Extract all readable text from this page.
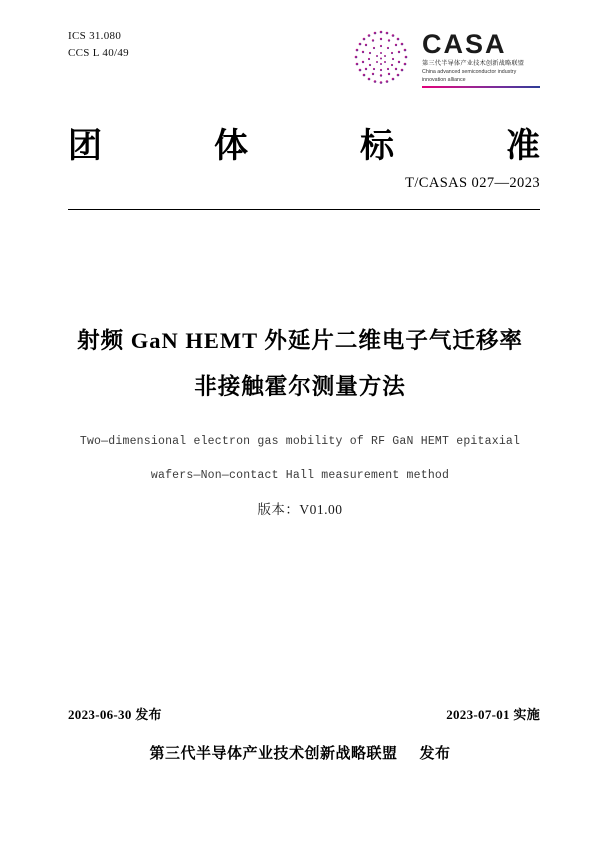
ICS 31.080
CCS L 40/49	CASA
第三代半导体产业技术创新战略联盟
China advanced semiconductor industry
innovation alliance
团	体	标	准
T/CASAS 027—2023
射频 GaN HEMT 外延片二维电子气迁移率
非接触霍尔测量方法
Two—dimensional electron gas mobility of RF GaN HEMT epitaxial
wafers—Non—contact Hall measurement method
版本：V01.00
2023-06-30 发布	2023-07-01 实施
第三代半导体产业技术创新战略联盟 发布
